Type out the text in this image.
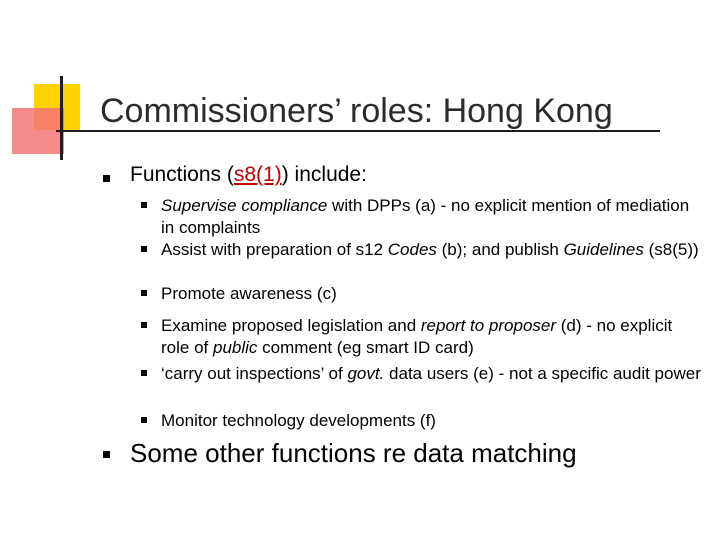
Commissioners’ roles: Hong Kong
Functions (s8(1)) include:
Supervise compliance with DPPs (a) - no explicit mention of mediation in complaints
Assist with preparation of s12 Codes (b); and publish Guidelines (s8(5))
Promote awareness (c)
Examine proposed legislation and report to proposer (d) - no explicit role of public comment (eg smart ID card)
‘carry out inspections’ of govt. data users (e) - not a specific audit power
Monitor technology developments (f)
Some other functions re data matching
